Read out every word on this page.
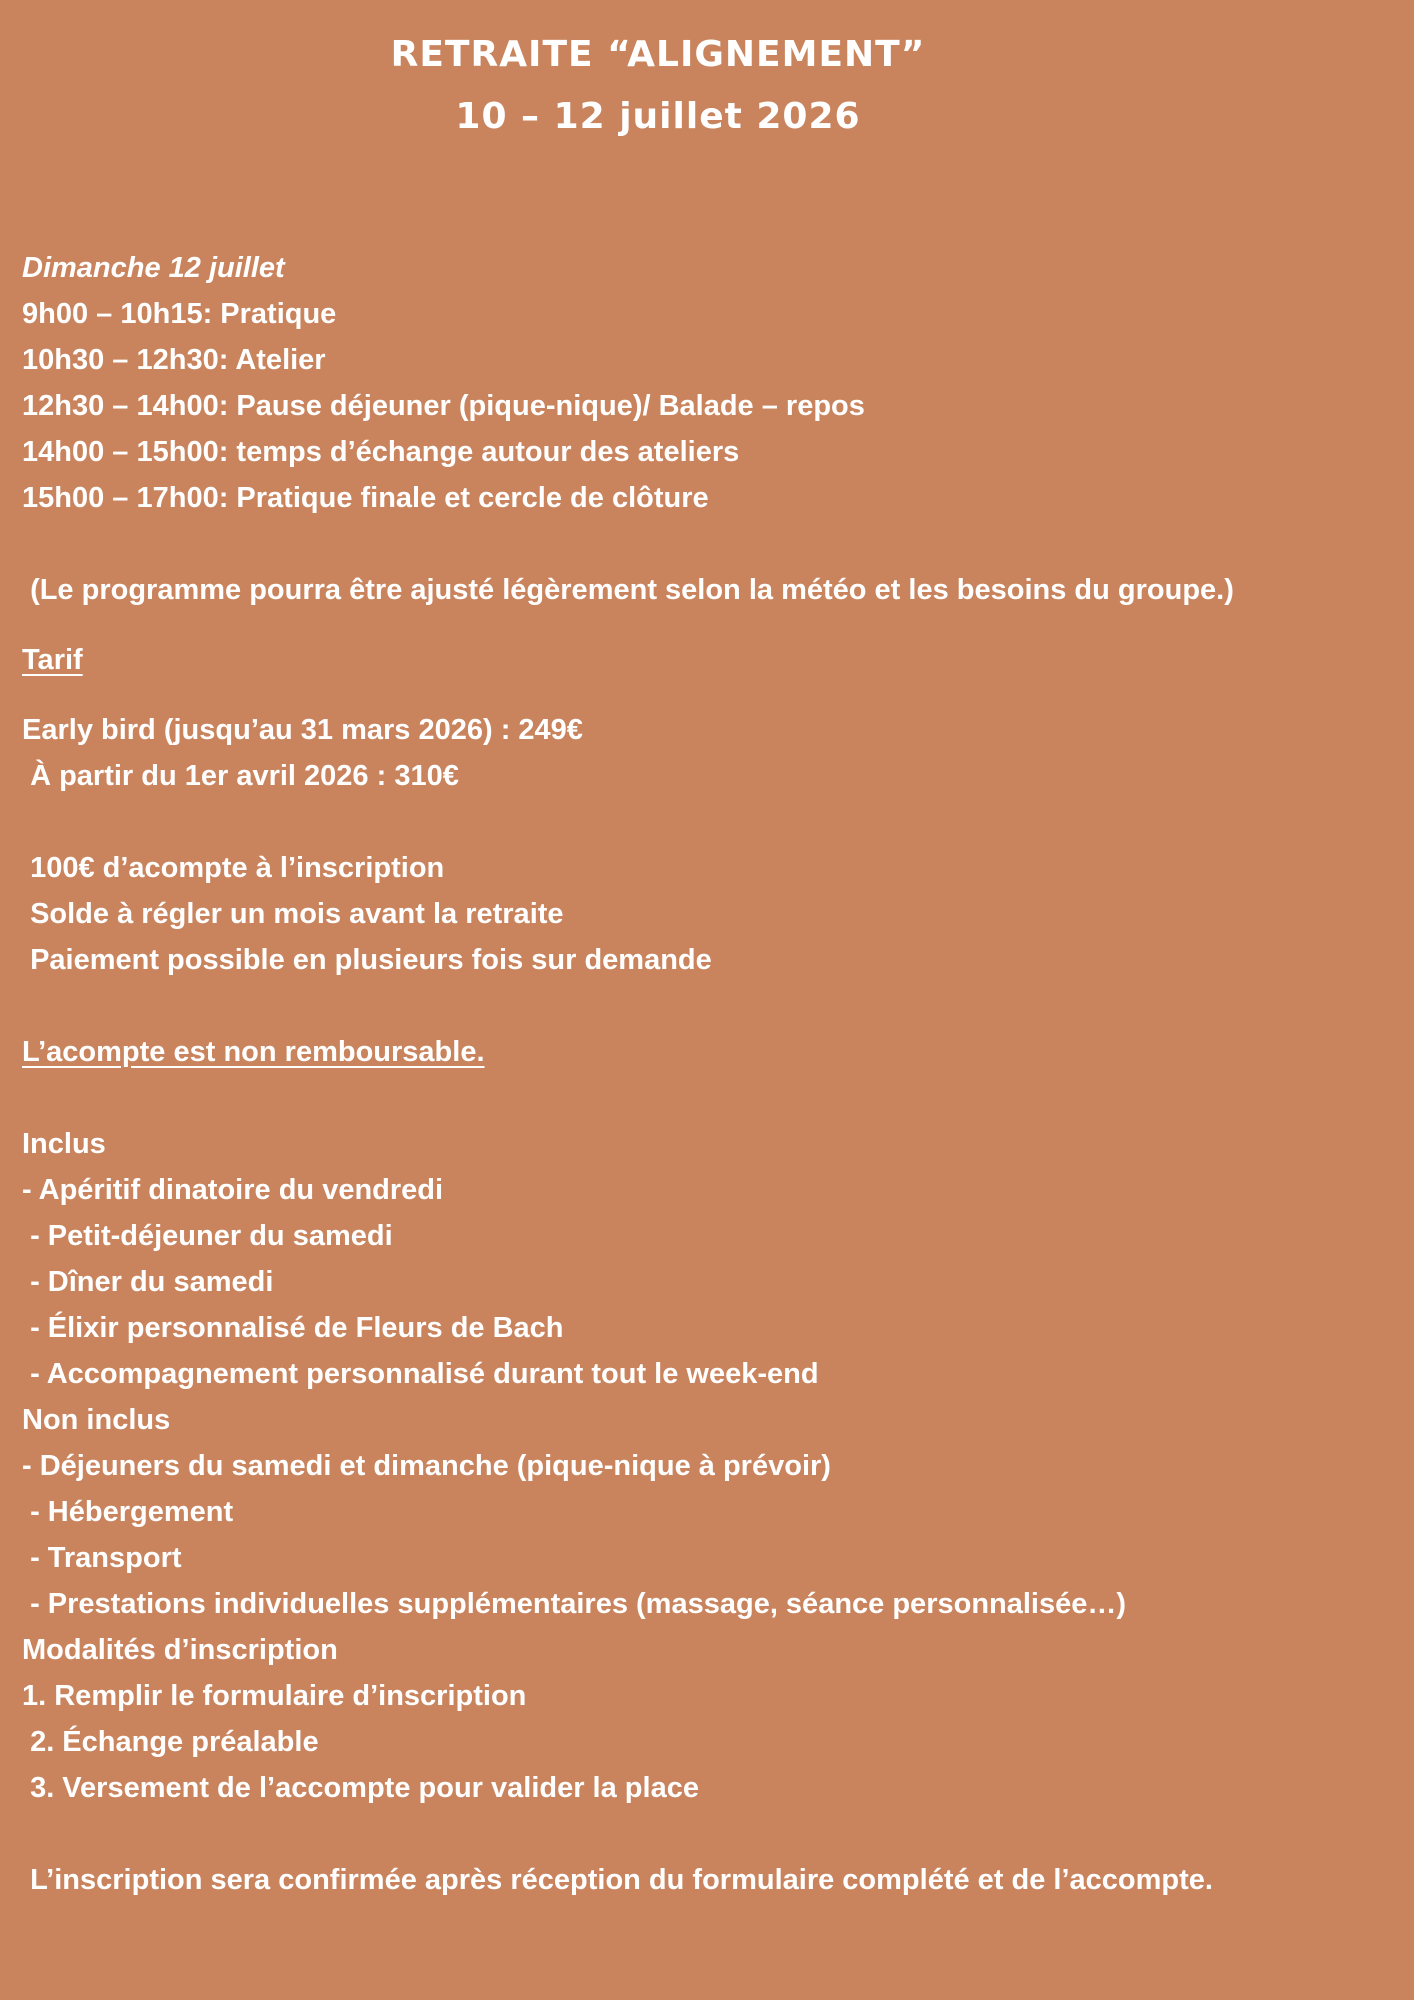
RETRAITE “ALIGNEMENT”
10 – 12 juillet 2026
Dimanche 12 juillet
9h00 – 10h15: Pratique
10h30 – 12h30: Atelier
12h30 – 14h00: Pause déjeuner (pique-nique)/ Balade – repos
14h00 – 15h00: temps d’échange autour des ateliers
15h00 – 17h00: Pratique finale et cercle de clôture
(Le programme pourra être ajusté légèrement selon la météo et les besoins du groupe.)
Tarif
Early bird (jusqu’au 31 mars 2026) : 249€
À partir du 1er avril 2026 : 310€
100€ d’acompte à l’inscription
Solde à régler un mois avant la retraite
Paiement possible en plusieurs fois sur demande
L’acompte est non remboursable.
Inclus
- Apéritif dinatoire du vendredi
- Petit-déjeuner du samedi
- Dîner du samedi
- Élixir personnalisé de Fleurs de Bach
- Accompagnement personnalisé durant tout le week-end
Non inclus
- Déjeuners du samedi et dimanche (pique-nique à prévoir)
- Hébergement
- Transport
- Prestations individuelles supplémentaires (massage, séance personnalisée…)
Modalités d’inscription
1. Remplir le formulaire d’inscription
2. Échange préalable
3. Versement de l’accompte pour valider la place
L’inscription sera confirmée après réception du formulaire complété et de l’accompte.
